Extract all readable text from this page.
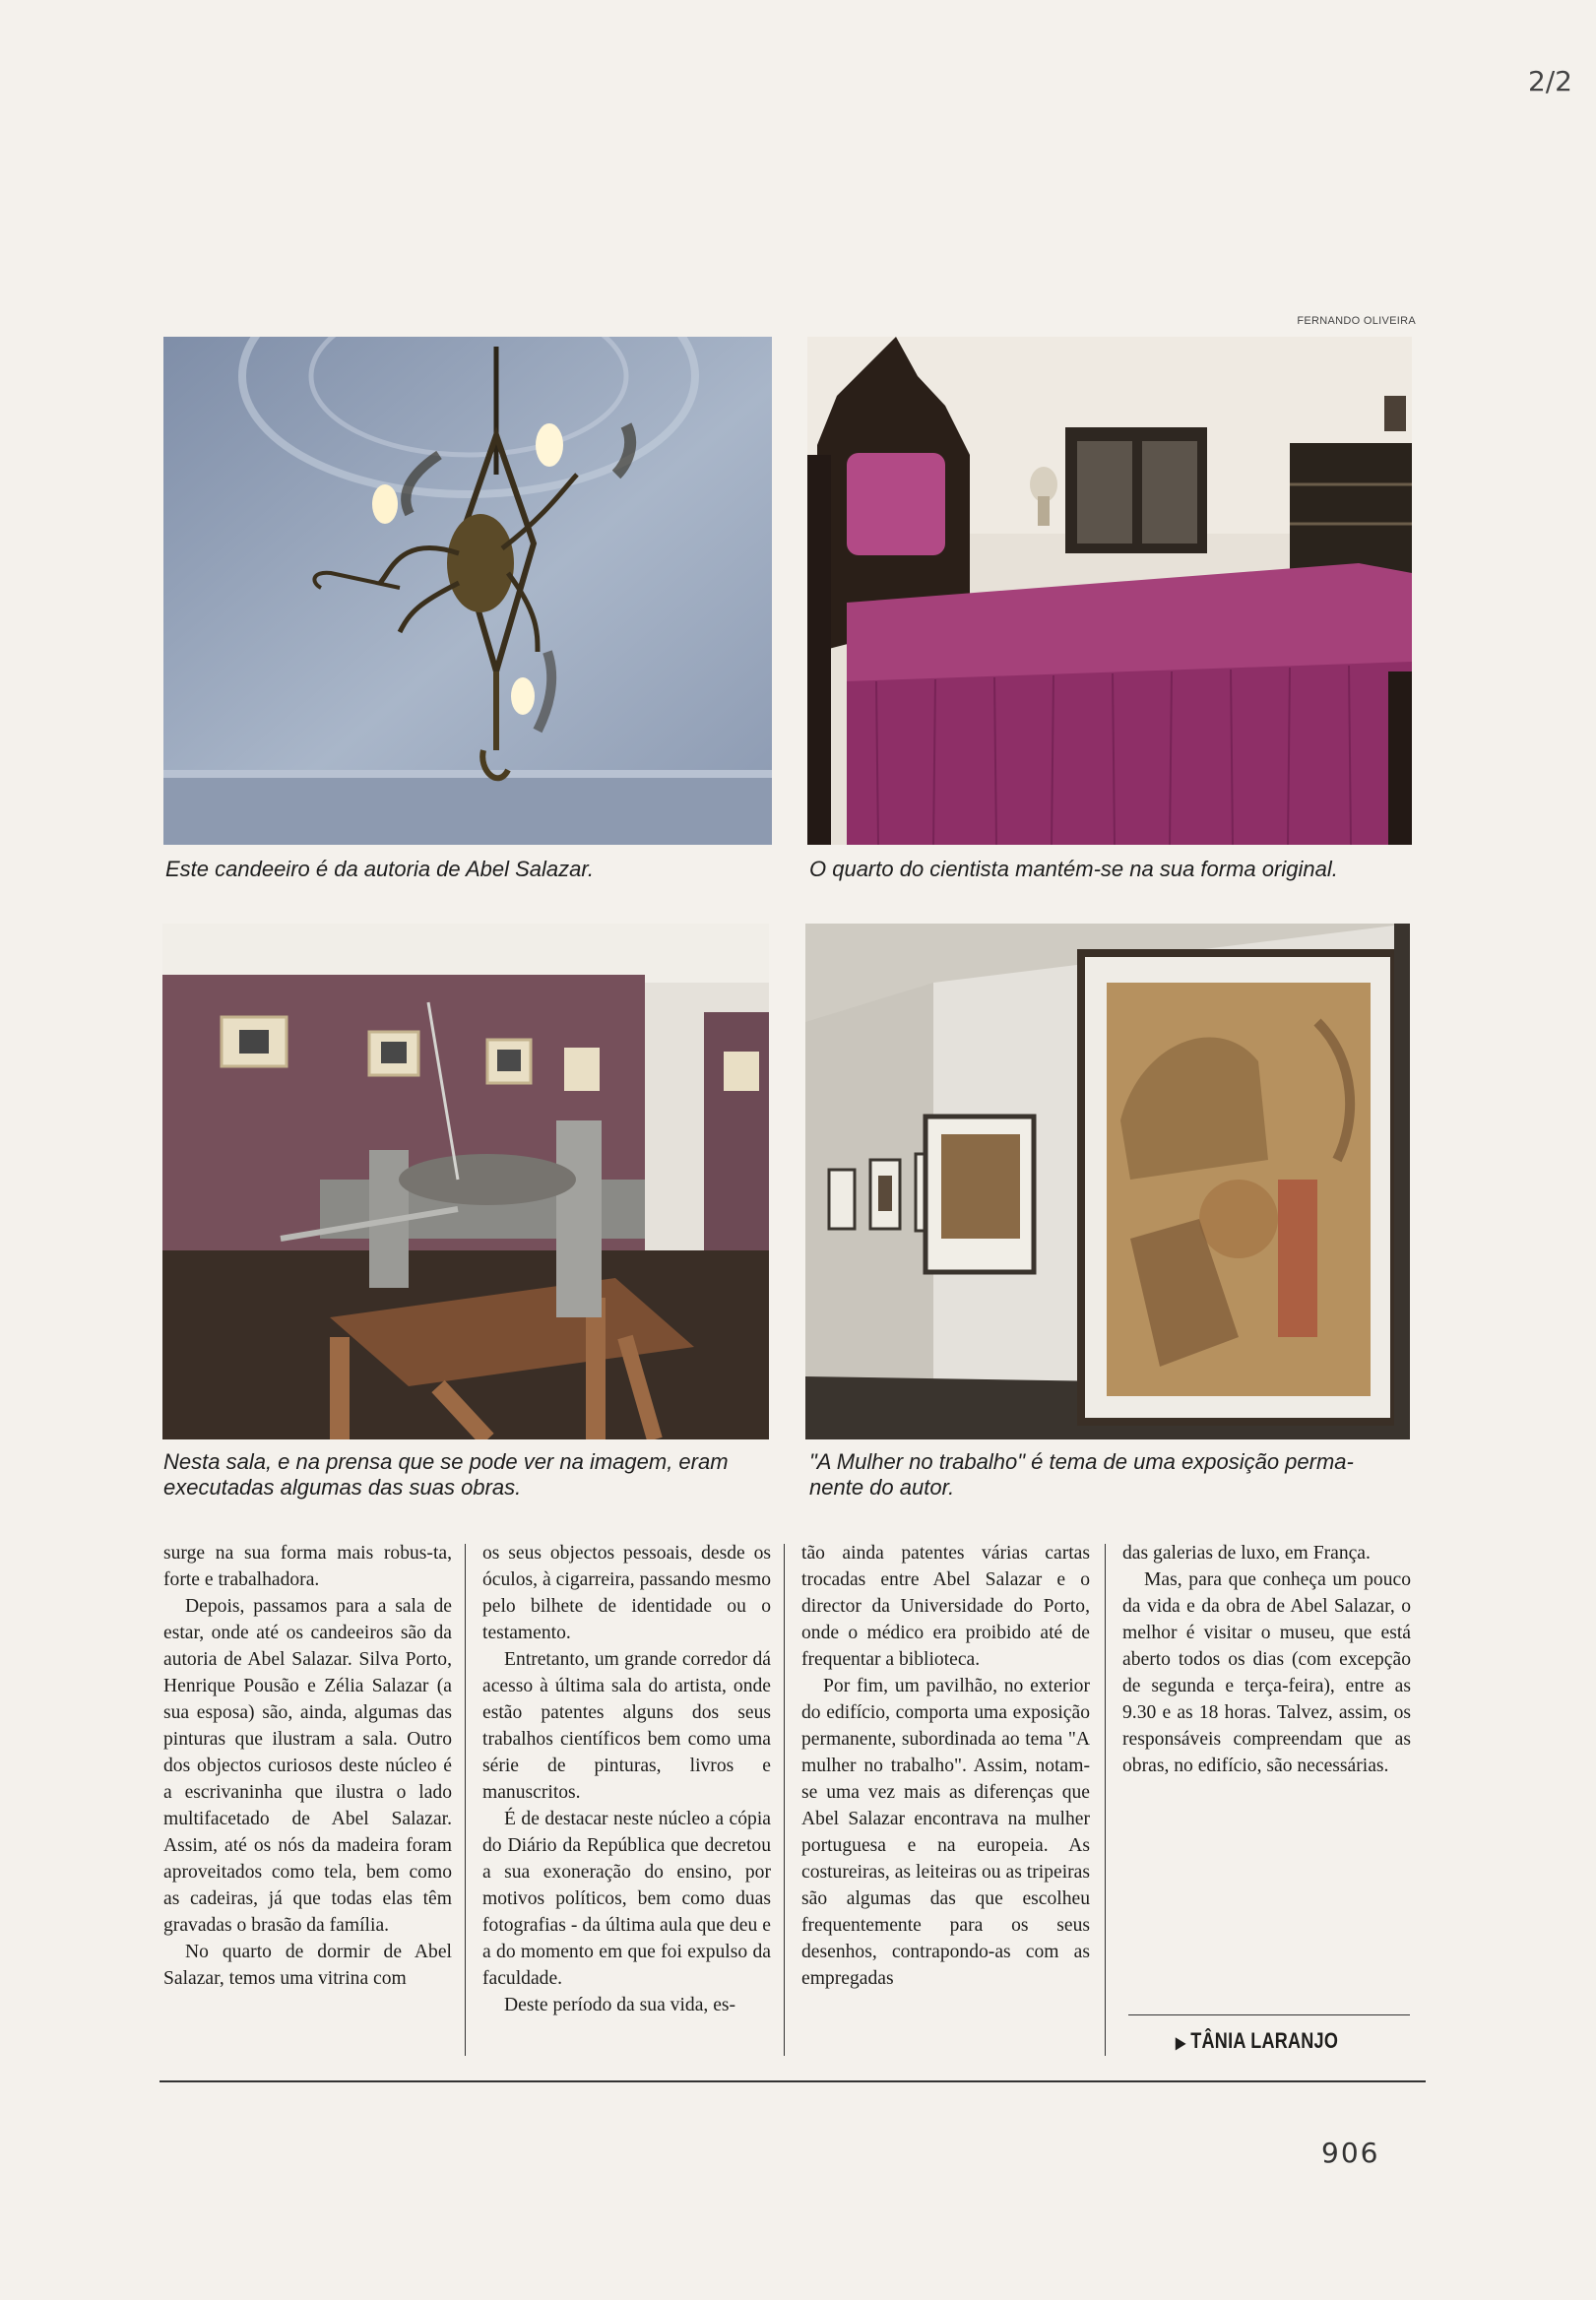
2/2
FERNANDO OLIVEIRA
Este candeeiro é da autoria de Abel Salazar.	O quarto do cientista mantém-se na sua forma original.
Nesta sala, e na prensa que se pode ver na imagem, eram
executadas algumas das suas obras.
"A Mulher no trabalho" é tema de uma exposição perma-
nente do autor.

surge na sua forma mais robus-ta, forte e trabalhadora.

Depois, passamos para a sala de estar, onde até os candeeiros são da autoria de Abel Salazar. Silva Porto, Henrique Pousão e Zélia Salazar (a sua esposa) são, ainda, algumas das pinturas que ilustram a sala. Outro dos objectos curiosos deste núcleo é a escrivaninha que ilustra o lado multifacetado de Abel Salazar. Assim, até os nós da madeira foram aproveitados como tela, bem como as cadeiras, já que todas elas têm gravadas o brasão da família.

No quarto de dormir de Abel Salazar, temos uma vitrina com

os seus objectos pessoais, desde os óculos, à cigarreira, passando mesmo pelo bilhete de identidade ou o testamento.

Entretanto, um grande corredor dá acesso à última sala do artista, onde estão patentes alguns dos seus trabalhos científicos bem como uma série de pinturas, livros e manuscritos.

É de destacar neste núcleo a cópia do Diário da República que decretou a sua exoneração do ensino, por motivos políticos, bem como duas fotografias - da última aula que deu e a do momento em que foi expulso da faculdade.

Deste período da sua vida, es-

tão ainda patentes várias cartas trocadas entre Abel Salazar e o director da Universidade do Porto, onde o médico era proibido até de frequentar a biblioteca.

Por fim, um pavilhão, no exterior do edifício, comporta uma exposição permanente, subordinada ao tema "A mulher no trabalho". Assim, notam-se uma vez mais as diferenças que Abel Salazar encontrava na mulher portuguesa e na europeia. As costureiras, as leiteiras ou as tripeiras são algumas das que escolheu frequentemente para os seus desenhos, contrapondo-as com as empregadas

das galerias de luxo, em França.

Mas, para que conheça um pouco da vida e da obra de Abel Salazar, o melhor é visitar o museu, que está aberto todos os dias (com excepção de segunda e terça-feira), entre as 9.30 e as 18 horas. Talvez, assim, os responsáveis compreendam que as obras, no edifício, são necessárias.

▶ TÂNIA LARANJO
906
